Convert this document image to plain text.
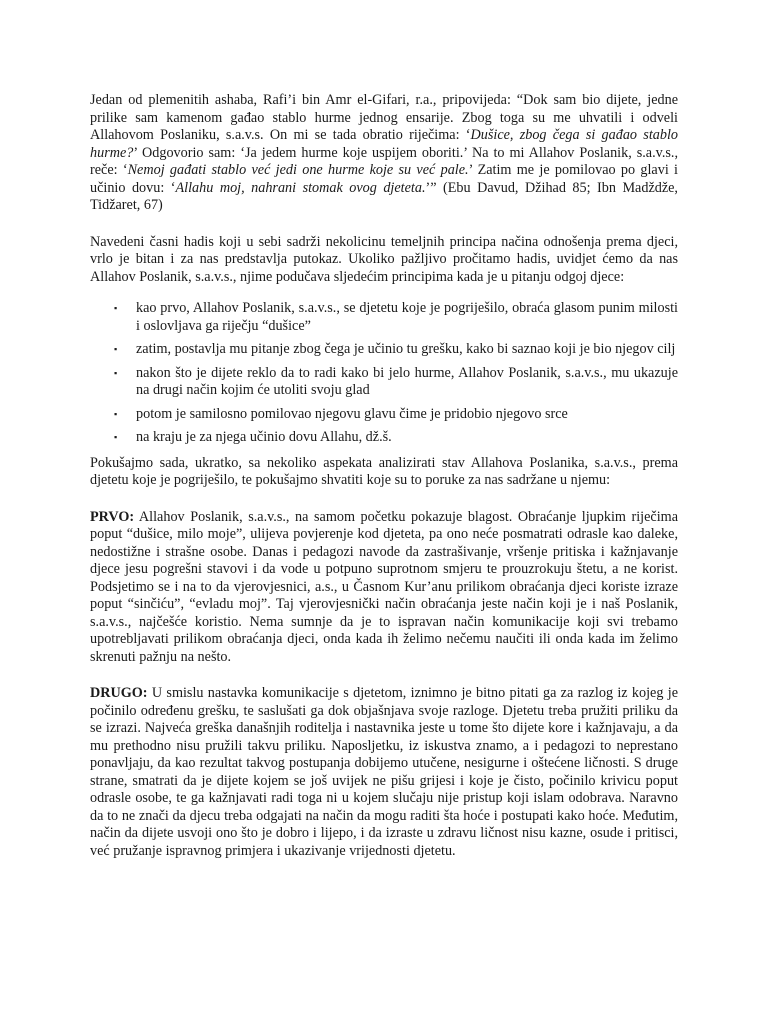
Jedan od plemenitih ashaba, Rafi’i bin Amr el-Gifari, r.a., pripovijeda: “Dok sam bio dijete, jedne prilike sam kamenom gađao stablo hurme jednog ensarije. Zbog toga su me uhvatili i odveli Allahovom Poslaniku, s.a.v.s. On mi se tada obratio riječima: ‘Dušice, zbog čega si gađao stablo hurme?’ Odgovorio sam: ‘Ja jedem hurme koje uspijem oboriti.’ Na to mi Allahov Poslanik, s.a.v.s., reče: ‘Nemoj gađati stablo već jedi one hurme koje su već pale.’ Zatim me je pomilovao po glavi i učinio dovu: ‘Allahu moj, nahrani stomak ovog djeteta.’” (Ebu Davud, Džihad 85; Ibn Madždže, Tidžaret, 67)

Navedeni časni hadis koji u sebi sadrži nekolicinu temeljnih principa načina odnošenja prema djeci, vrlo je bitan i za nas predstavlja putokaz. Ukoliko pažljivo pročitamo hadis, uvidjet ćemo da nas Allahov Poslanik, s.a.v.s., njime podučava sljedećim principima kada je u pitanju odgoj djece:

▪ kao prvo, Allahov Poslanik, s.a.v.s., se djetetu koje je pogriješilo, obraća glasom punim milosti i oslovljava ga riječju “dušice”
▪ zatim, postavlja mu pitanje zbog čega je učinio tu grešku, kako bi saznao koji je bio njegov cilj
▪ nakon što je dijete reklo da to radi kako bi jelo hurme, Allahov Poslanik, s.a.v.s., mu ukazuje na drugi način kojim će utoliti svoju glad
▪ potom je samilosno pomilovao njegovu glavu čime je pridobio njegovo srce
▪ na kraju je za njega učinio dovu Allahu, dž.š.

Pokušajmo sada, ukratko, sa nekoliko aspekata analizirati stav Allahova Poslanika, s.a.v.s., prema djetetu koje je pogriješilo, te pokušajmo shvatiti koje su to poruke za nas sadržane u njemu:

PRVO: Allahov Poslanik, s.a.v.s., na samom početku pokazuje blagost. Obraćanje ljupkim riječima poput “dušice, milo moje”, ulijeva povjerenje kod djeteta, pa ono neće posmatrati odrasle kao daleke, nedostižne i strašne osobe. Danas i pedagozi navode da zastrašivanje, vršenje pritiska i kažnjavanje djece jesu pogrešni stavovi i da vode u potpuno suprotnom smjeru te prouzrokuju štetu, a ne korist. Podsjetimo se i na to da vjerovjesnici, a.s., u Časnom Kur’anu prilikom obraćanja djeci koriste izraze poput “sinčiću”, “evladu moj”. Taj vjerovjesnički način obraćanja jeste način koji je i naš Poslanik, s.a.v.s., najčešće koristio. Nema sumnje da je to ispravan način komunikacije koji svi trebamo upotrebljavati prilikom obraćanja djeci, onda kada ih želimo nečemu naučiti ili onda kada im želimo skrenuti pažnju na nešto.

DRUGO: U smislu nastavka komunikacije s djetetom, iznimno je bitno pitati ga za razlog iz kojeg je počinilo određenu grešku, te saslušati ga dok objašnjava svoje razloge. Djetetu treba pružiti priliku da se izrazi. Najveća greška današnjih roditelja i nastavnika jeste u tome što dijete kore i kažnjavaju, a da mu prethodno nisu pružili takvu priliku. Naposljetku, iz iskustva znamo, a i pedagozi to neprestano ponavljaju, da kao rezultat takvog postupanja dobijemo utučene, nesigurne i oštećene ličnosti. S druge strane, smatrati da je dijete kojem se još uvijek ne pišu grijesi i koje je čisto, počinilo krivicu poput odrasle osobe, te ga kažnjavati radi toga ni u kojem slučaju nije pristup koji islam odobrava. Naravno da to ne znači da djecu treba odgajati na način da mogu raditi šta hoće i postupati kako hoće. Međutim, način da dijete usvoji ono što je dobro i lijepo, i da izraste u zdravu ličnost nisu kazne, osude i pritisci, već pružanje ispravnog primjera i ukazivanje vrijednosti djetetu.
